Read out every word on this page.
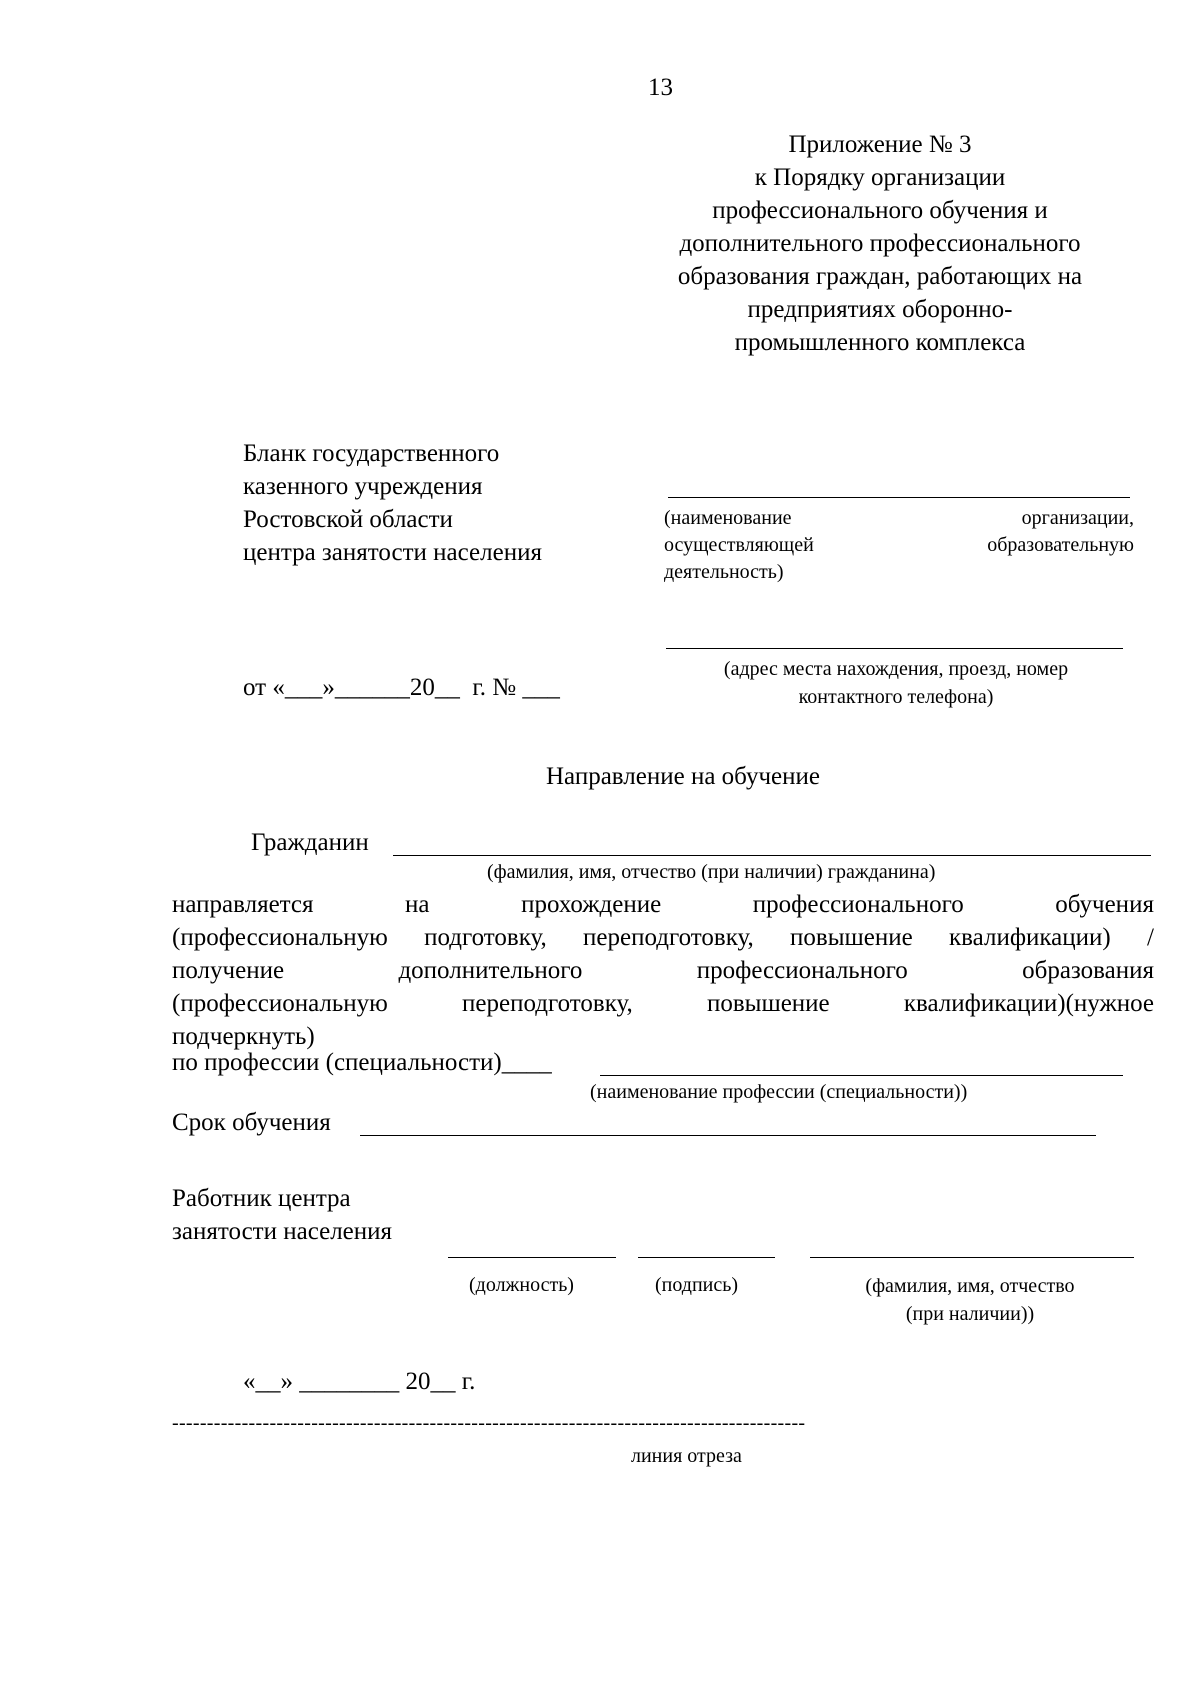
13
Приложение № 3
к Порядку организации
профессионального обучения и
дополнительного профессионального
образования граждан, работающих на
предприятиях оборонно-
промышленного комплекса
Бланк государственного
казенного учреждения
Ростовской области
центра занятости населения
(наименование	организации,
осуществляющей	образовательную
деятельность)
(адрес места нахождения, проезд, номер
контактного телефона)
от «___»______20__  г. № ___
Направление на обучение
Гражданин
(фамилия, имя, отчество (при наличии) гражданина)
направляется	на	прохождение	профессионального	обучения
(профессиональную подготовку, переподготовку, повышение квалификации) /
получение	дополнительного	профессионального	образования
(профессиональную	переподготовку,	повышение	квалификации)(нужное
подчеркнуть)
по профессии (специальности)____
(наименование профессии (специальности))
Срок обучения
Работник центра
занятости населения
(должность)	(подпись)	(фамилия, имя, отчество
(при наличии))
«__» ________ 20__ г.
-------------------------------------------------------------------------------------------
линия отреза
